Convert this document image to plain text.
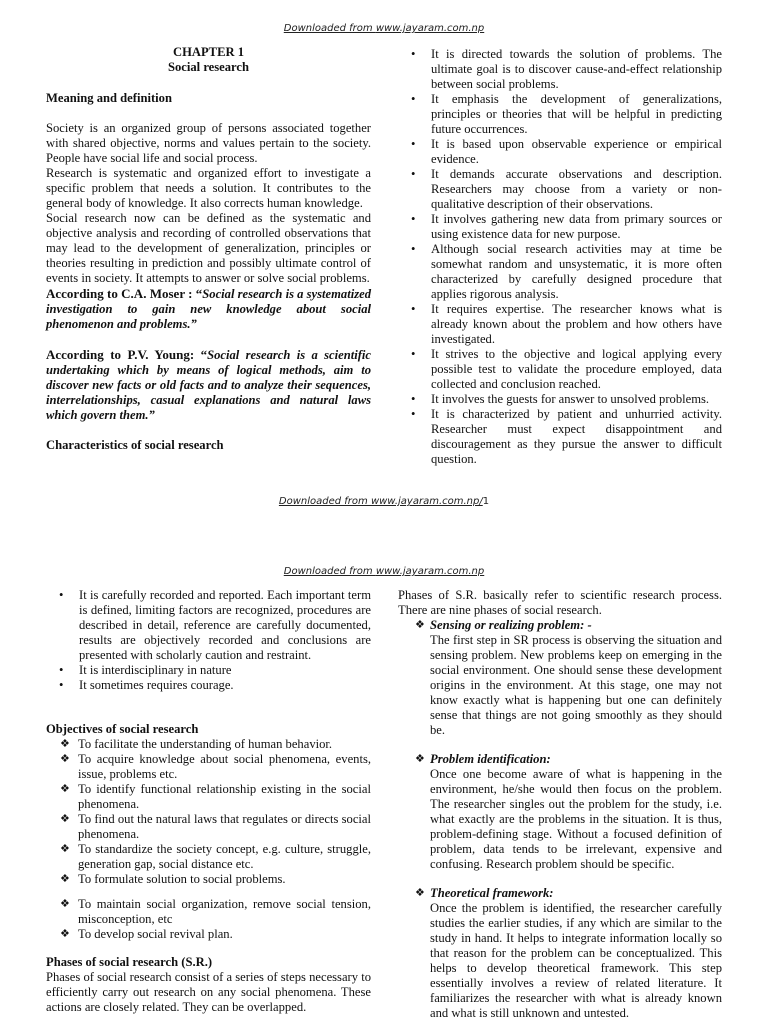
Downloaded from www.jayaram.com.np

CHAPTER 1

Social research

Meaning and definition

Society is an organized group of persons associated together with shared objective, norms and values pertain to the society. People have social life and social process.

Research is systematic and organized effort to investigate a specific problem that needs a solution. It contributes to the general body of knowledge. It also corrects human knowledge.

Social research now can be defined as the systematic and objective analysis and recording of controlled observations that may lead to the development of generalization, principles or theories resulting in prediction and possibly ultimate control of events in society. It attempts to answer or solve social problems.

According to C.A. Moser : “Social research is a systematized investigation to gain new knowledge about social phenomenon and problems.”

According to P.V. Young: “Social research is a scientific undertaking which by means of logical methods, aim to discover new facts or old facts and to analyze their sequences, interrelationships, casual explanations and natural laws which govern them.”

Characteristics of social research

• It is directed towards the solution of problems. The ultimate goal is to discover cause-and-effect relationship between social problems.
• It emphasis the development of generalizations, principles or theories that will be helpful in predicting future occurrences.
• It is based upon observable experience or empirical evidence.
• It demands accurate observations and description. Researchers may choose from a variety or non-qualitative description of their observations.
• It involves gathering new data from primary sources or using existence data for new purpose.
• Although social research activities may at time be somewhat random and unsystematic, it is more often characterized by carefully designed procedure that applies rigorous analysis.
• It requires expertise. The researcher knows what is already known about the problem and how others have investigated.
• It strives to the objective and logical applying every possible test to validate the procedure employed, data collected and conclusion reached.
• It involves the guests for answer to unsolved problems.
• It is characterized by patient and unhurried activity. Researcher must expect disappointment and discouragement as they pursue the answer to difficult question.
Downloaded from www.jayaram.com.np/1
Downloaded from www.jayaram.com.np
• It is carefully recorded and reported. Each important term is defined, limiting factors are recognized, procedures are described in detail, reference are carefully documented, results are objectively recorded and conclusions are presented with scholarly caution and restraint.
• It is interdisciplinary in nature
• It sometimes requires courage.

Objectives of social research

❖ To facilitate the understanding of human behavior.
❖ To acquire knowledge about social phenomena, events, issue, problems etc.
❖ To identify functional relationship existing in the social phenomena.
❖ To find out the natural laws that regulates or directs social phenomena.
❖ To standardize the society concept, e.g. culture, struggle, generation gap, social distance etc.
❖ To formulate solution to social problems.
❖ To maintain social organization, remove social tension, misconception, etc
❖ To develop social revival plan.

Phases of social research (S.R.)

Phases of social research consist of a series of steps necessary to efficiently carry out research on any social phenomena. These actions are closely related. They can be overlapped.

Phases of S.R. basically refer to scientific research process. There are nine phases of social research.

❖ Sensing or realizing problem: -

The first step in SR process is observing the situation and sensing problem. New problems keep on emerging in the social environment. One should sense these development origins in the environment. At this stage, one may not know exactly what is happening but one can definitely sense that things are not going smoothly as they should be.

❖ Problem identification:

Once one become aware of what is happening in the environment, he/she would then focus on the problem. The researcher singles out the problem for the study, i.e. what exactly are the problems in the situation. It is thus, problem-defining stage. Without a focused definition of problem, data tends to be irrelevant, expensive and confusing. Research problem should be specific.

❖ Theoretical framework:

Once the problem is identified, the researcher carefully studies the earlier studies, if any which are similar to the study in hand. It helps to integrate information locally so that reason for the problem can be conceptualized. This helps to develop theoretical framework. This step essentially involves a review of related literature. It familiarizes the researcher with what is already known and what is still unknown and untested.
